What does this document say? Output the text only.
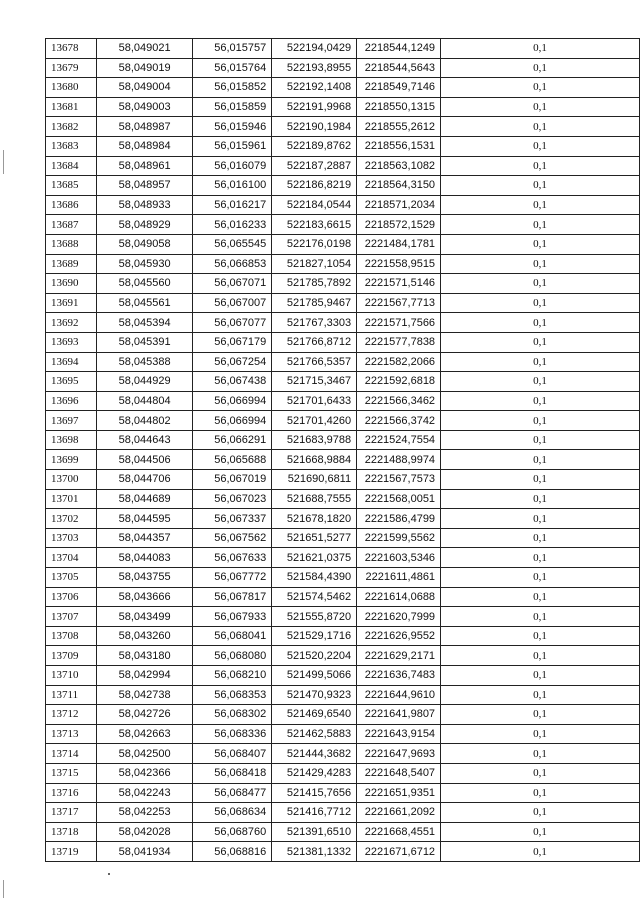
13678	58,049021	56,015757	522194,0429	2218544,1249	0,1
13679	58,049019	56,015764	522193,8955	2218544,5643	0,1
13680	58,049004	56,015852	522192,1408	2218549,7146	0,1
13681	58,049003	56,015859	522191,9968	2218550,1315	0,1
13682	58,048987	56,015946	522190,1984	2218555,2612	0,1
13683	58,048984	56,015961	522189,8762	2218556,1531	0,1
13684	58,048961	56,016079	522187,2887	2218563,1082	0,1
13685	58,048957	56,016100	522186,8219	2218564,3150	0,1
13686	58,048933	56,016217	522184,0544	2218571,2034	0,1
13687	58,048929	56,016233	522183,6615	2218572,1529	0,1
13688	58,049058	56,065545	522176,0198	2221484,1781	0,1
13689	58,045930	56,066853	521827,1054	2221558,9515	0,1
13690	58,045560	56,067071	521785,7892	2221571,5146	0,1
13691	58,045561	56,067007	521785,9467	2221567,7713	0,1
13692	58,045394	56,067077	521767,3303	2221571,7566	0,1
13693	58,045391	56,067179	521766,8712	2221577,7838	0,1
13694	58,045388	56,067254	521766,5357	2221582,2066	0,1
13695	58,044929	56,067438	521715,3467	2221592,6818	0,1
13696	58,044804	56,066994	521701,6433	2221566,3462	0,1
13697	58,044802	56,066994	521701,4260	2221566,3742	0,1
13698	58,044643	56,066291	521683,9788	2221524,7554	0,1
13699	58,044506	56,065688	521668,9884	2221488,9974	0,1
13700	58,044706	56,067019	521690,6811	2221567,7573	0,1
13701	58,044689	56,067023	521688,7555	2221568,0051	0,1
13702	58,044595	56,067337	521678,1820	2221586,4799	0,1
13703	58,044357	56,067562	521651,5277	2221599,5562	0,1
13704	58,044083	56,067633	521621,0375	2221603,5346	0,1
13705	58,043755	56,067772	521584,4390	2221611,4861	0,1
13706	58,043666	56,067817	521574,5462	2221614,0688	0,1
13707	58,043499	56,067933	521555,8720	2221620,7999	0,1
13708	58,043260	56,068041	521529,1716	2221626,9552	0,1
13709	58,043180	56,068080	521520,2204	2221629,2171	0,1
13710	58,042994	56,068210	521499,5066	2221636,7483	0,1
13711	58,042738	56,068353	521470,9323	2221644,9610	0,1
13712	58,042726	56,068302	521469,6540	2221641,9807	0,1
13713	58,042663	56,068336	521462,5883	2221643,9154	0,1
13714	58,042500	56,068407	521444,3682	2221647,9693	0,1
13715	58,042366	56,068418	521429,4283	2221648,5407	0,1
13716	58,042243	56,068477	521415,7656	2221651,9351	0,1
13717	58,042253	56,068634	521416,7712	2221661,2092	0,1
13718	58,042028	56,068760	521391,6510	2221668,4551	0,1
13719	58,041934	56,068816	521381,1332	2221671,6712	0,1
